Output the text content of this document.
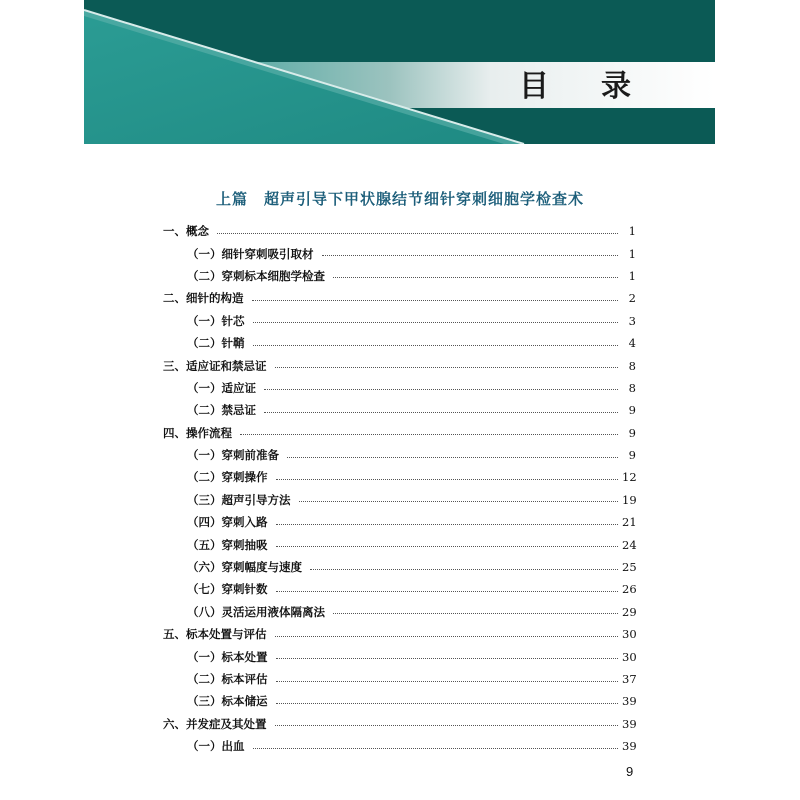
目 录
上篇 超声引导下甲状腺结节细针穿刺细胞学检查术
一、概念	1
（一）细针穿刺吸引取材	1
（二）穿刺标本细胞学检查	1
二、细针的构造	2
（一）针芯	3
（二）针鞘	4
三、适应证和禁忌证	8
（一）适应证	8
（二）禁忌证	9
四、操作流程	9
（一）穿刺前准备	9
（二）穿刺操作	12
（三）超声引导方法	19
（四）穿刺入路	21
（五）穿刺抽吸	24
（六）穿刺幅度与速度	25
（七）穿刺针数	26
（八）灵活运用液体隔离法	29
五、标本处置与评估	30
（一）标本处置	30
（二）标本评估	37
（三）标本储运	39
六、并发症及其处置	39
（一）出血	39
9
